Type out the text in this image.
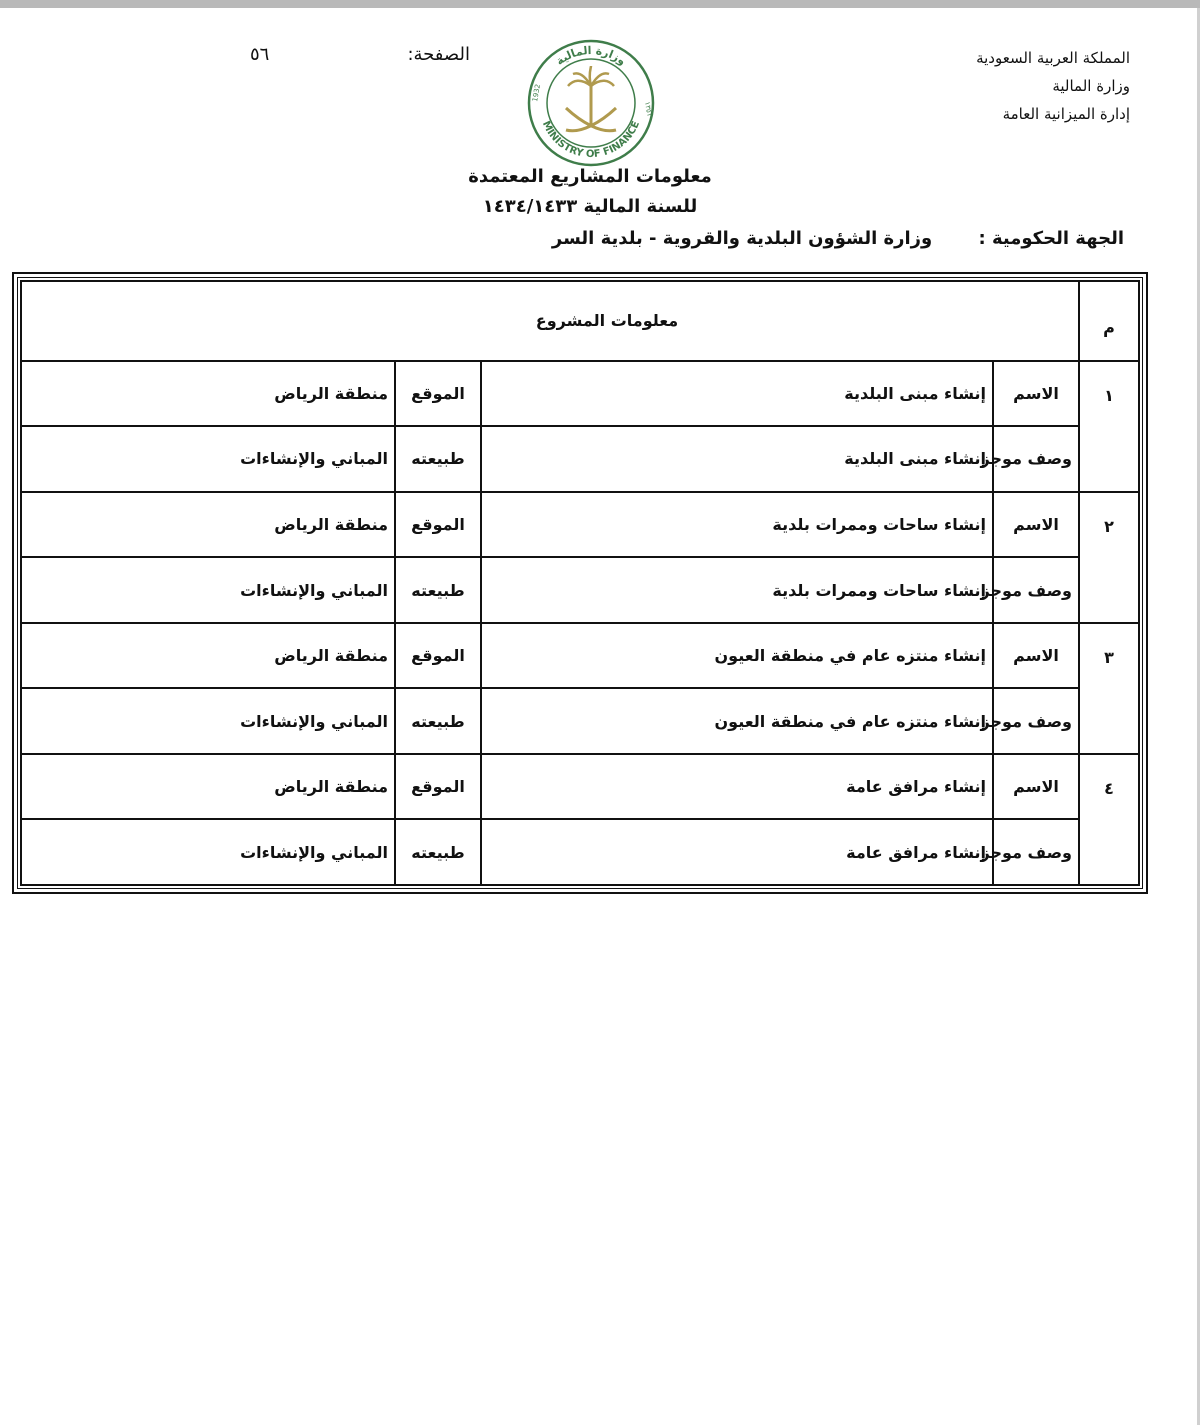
المملكة العربية السعودية
وزارة المالية
إدارة الميزانية العامة
الصفحة:
٥٦	وزارة المالية
MINISTRY OF FINANCE
1932
١٣٥١
معلومات المشاريع المعتمدة
للسنة المالية ١٤٣٤/١٤٣٣
الجهة الحكومية : وزارة الشؤون البلدية والقروية - بلدية السر
م	معلومات المشروع			
١	الاسم	إنشاء مبنى البلدية	الموقع	منطقة الرياض
	وصف موجز	إنشاء مبنى البلدية	طبيعته	المباني والإنشاءات
٢	الاسم	إنشاء ساحات وممرات بلدية	الموقع	منطقة الرياض
	وصف موجز	إنشاء ساحات وممرات بلدية	طبيعته	المباني والإنشاءات
٣	الاسم	إنشاء منتزه عام في منطقة العيون	الموقع	منطقة الرياض
	وصف موجز	إنشاء منتزه عام في منطقة العيون	طبيعته	المباني والإنشاءات
٤	الاسم	إنشاء مرافق عامة	الموقع	منطقة الرياض
	وصف موجز	إنشاء مرافق عامة	طبيعته	المباني والإنشاءات
